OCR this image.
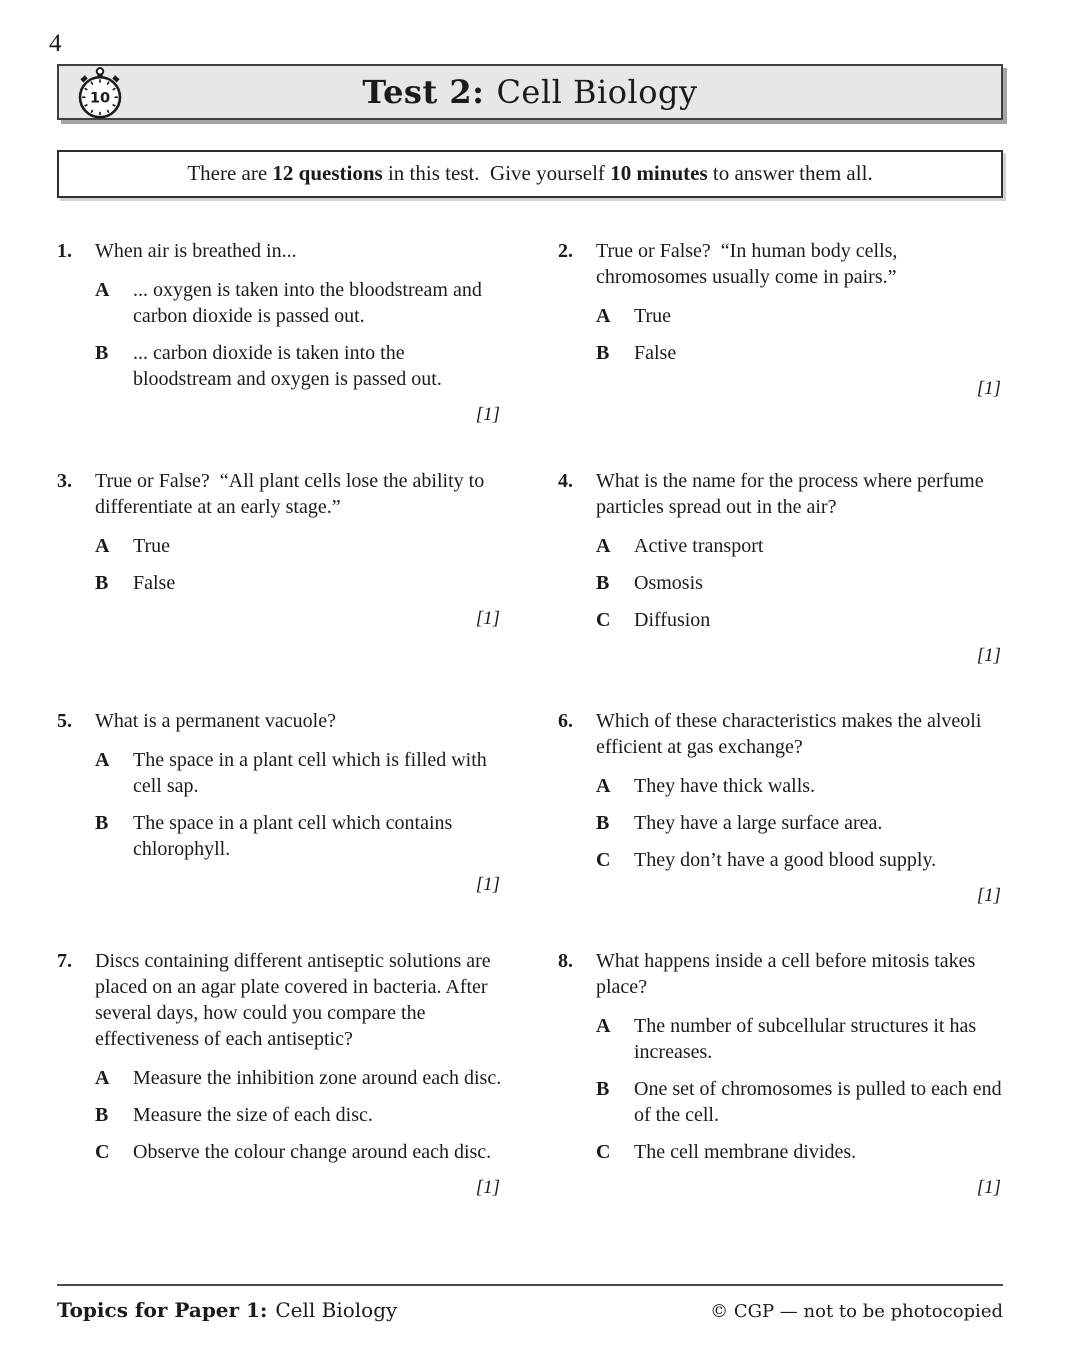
4
10	Test 2: Cell Biology
There are 12 questions in this test.  Give yourself 10 minutes to answer them all.
1.	When air is breathed in...
A	... oxygen is taken into the bloodstream and carbon dioxide is passed out.
B	... carbon dioxide is taken into the bloodstream and oxygen is passed out.
[1]
2.	True or False?  “In human body cells, chromosomes usually come in pairs.”
A	True
B	False
[1]
3.	True or False?  “All plant cells lose the ability to differentiate at an early stage.”
A	True
B	False
[1]
4.	What is the name for the process where perfume particles spread out in the air?
A	Active transport
B	Osmosis
C	Diffusion
[1]
5.	What is a permanent vacuole?
A	The space in a plant cell which is filled with cell sap.
B	The space in a plant cell which contains chlorophyll.
[1]
6.	Which of these characteristics makes the alveoli efficient at gas exchange?
A	They have thick walls.
B	They have a large surface area.
C	They don’t have a good blood supply.
[1]
7.	Discs containing different antiseptic solutions are placed on an agar plate covered in bacteria. After several days, how could you compare the effectiveness of each antiseptic?
A	Measure the inhibition zone around each disc.
B	Measure the size of each disc.
C	Observe the colour change around each disc.
[1]
8.	What happens inside a cell before mitosis takes place?
A	The number of subcellular structures it has increases.
B	One set of chromosomes is pulled to each end of the cell.
C	The cell membrane divides.
[1]
Topics for Paper 1: Cell Biology	© CGP — not to be photocopied
